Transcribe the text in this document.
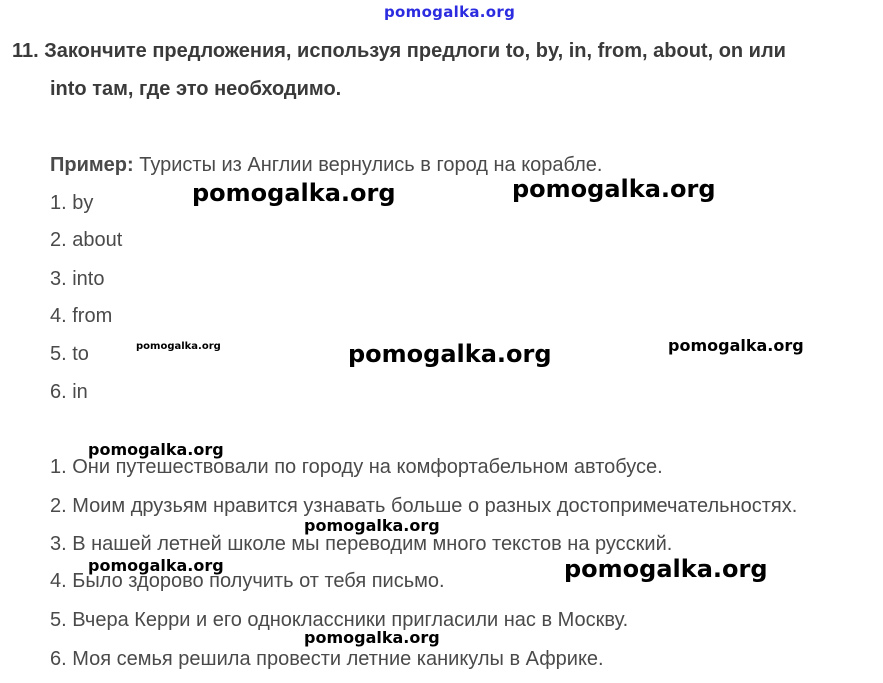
pomogalka.org
11. Закончите предложения, используя предлоги to, by, in, from, about, on или
into там, где это необходимо.
Пример: Туристы из Англии вернулись в город на корабле.
1. by
2. about
3. into
4. from
5. to
6. in
1. Они путешествовали по городу на комфортабельном автобусе.
2. Моим друзьям нравится узнавать больше о разных достопримечательностях.
3. В нашей летней школе мы переводим много текстов на русский.
4. Было здорово получить от тебя письмо.
5. Вчера Керри и его одноклассники пригласили нас в Москву.
6. Моя семья решила провести летние каникулы в Африке.
pomogalka.org	pomogalka.org
pomogalka.org	pomogalka.org	pomogalka.org
pomogalka.org
pomogalka.org
pomogalka.org	pomogalka.org
pomogalka.org
